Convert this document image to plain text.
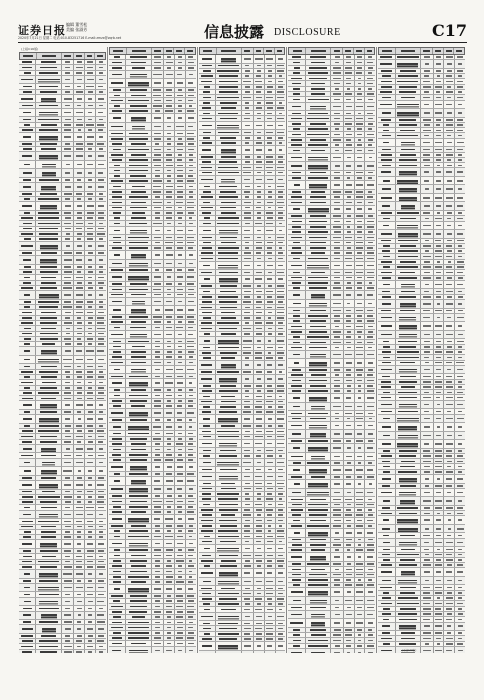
证券日报 编辑 董雪松
美编 张淑芳
2020年7月21日 星期二 电话:010-83251716 E-mail:zmzx@zqrb.net	信息披露 DISCLOSURE	C17
(上接C16版)
(下转C18版)
